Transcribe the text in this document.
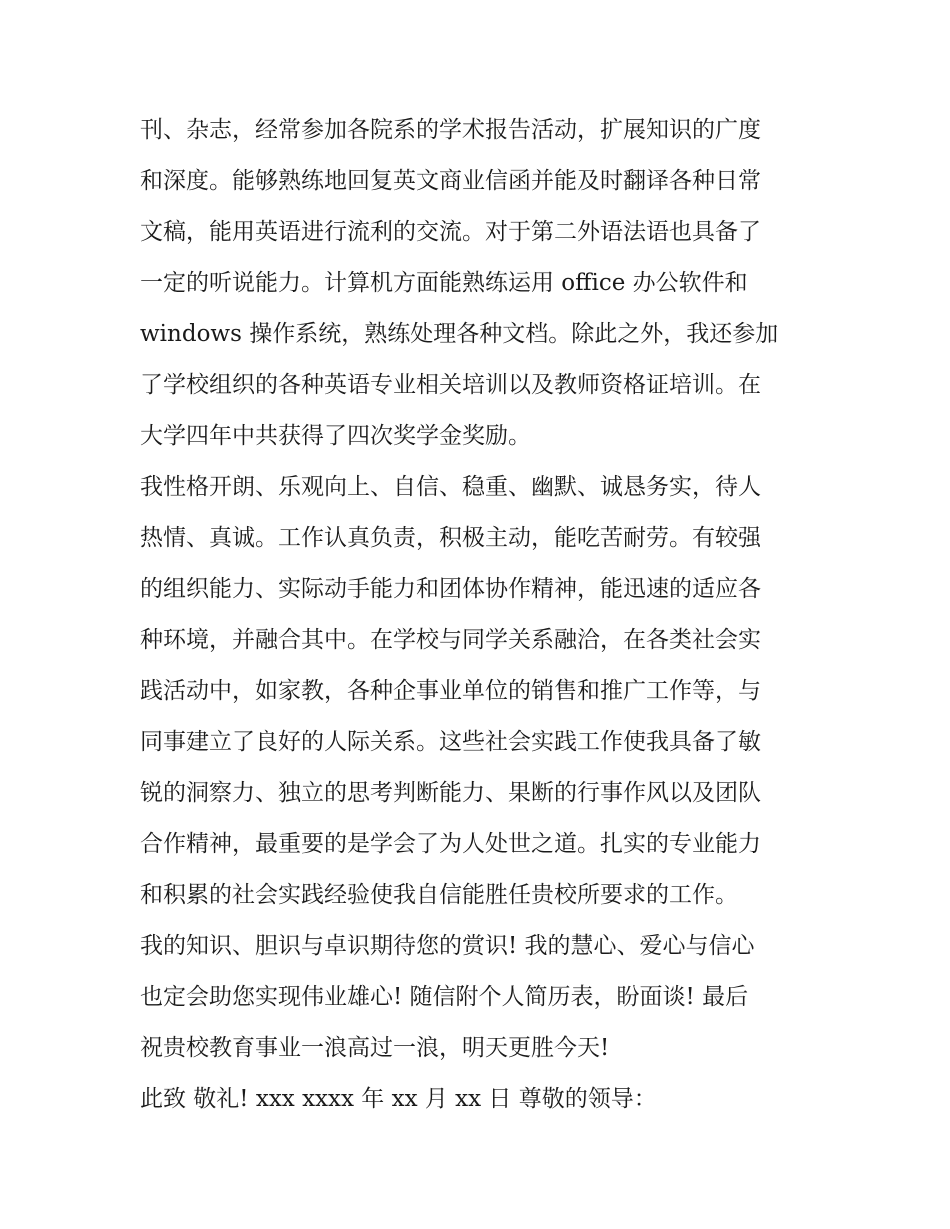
刊、杂志，经常参加各院系的学术报告活动，扩展知识的广度
和深度。能够熟练地回复英文商业信函并能及时翻译各种日常
文稿，能用英语进行流利的交流。对于第二外语法语也具备了
一定的听说能力。计算机方面能熟练运用 office 办公软件和
windows 操作系统，熟练处理各种文档。除此之外，我还参加
了学校组织的各种英语专业相关培训以及教师资格证培训。在
大学四年中共获得了四次奖学金奖励。
我性格开朗、乐观向上、自信、稳重、幽默、诚恳务实，待人
热情、真诚。工作认真负责，积极主动，能吃苦耐劳。有较强
的组织能力、实际动手能力和团体协作精神，能迅速的适应各
种环境，并融合其中。在学校与同学关系融洽，在各类社会实
践活动中，如家教，各种企事业单位的销售和推广工作等，与
同事建立了良好的人际关系。这些社会实践工作使我具备了敏
锐的洞察力、独立的思考判断能力、果断的行事作风以及团队
合作精神，最重要的是学会了为人处世之道。扎实的专业能力
和积累的社会实践经验使我自信能胜任贵校所要求的工作。
我的知识、胆识与卓识期待您的赏识! 我的慧心、爱心与信心
也定会助您实现伟业雄心! 随信附个人简历表，盼面谈! 最后
祝贵校教育事业一浪高过一浪，明天更胜今天!
此致 敬礼! xxx xxxx 年 xx 月 xx 日 尊敬的领导：
